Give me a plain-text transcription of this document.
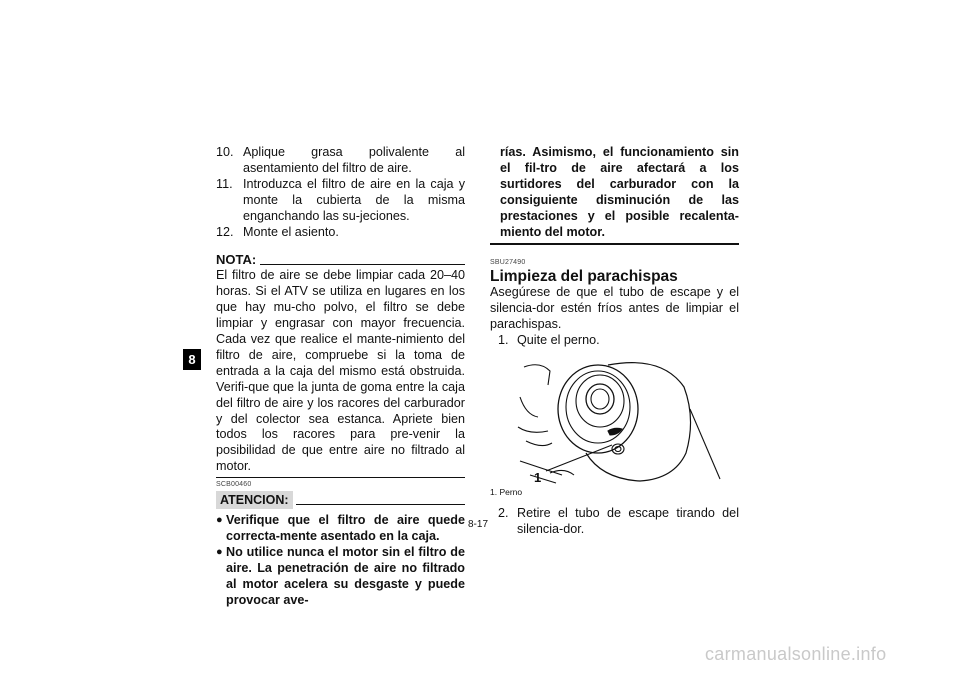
8
10. Aplique grasa polivalente al asentamiento del filtro de aire.
11. Introduzca el filtro de aire en la caja y monte la cubierta de la misma enganchando las su-jeciones.
12. Monte el asiento.
NOTA:
El filtro de aire se debe limpiar cada 20–40 horas. Si el ATV se utiliza en lugares en los que hay mu-cho polvo, el filtro se debe limpiar y engrasar con mayor frecuencia. Cada vez que realice el mante-nimiento del filtro de aire, compruebe si la toma de entrada a la caja del mismo está obstruida. Verifi-que que la junta de goma entre la caja del filtro de aire y los racores del carburador y del colector sea estanca. Apriete bien todos los racores para pre-venir la posibilidad de que entre aire no filtrado al motor.
SCB00460
ATENCION:
● Verifique que el filtro de aire quede correcta-mente asentado en la caja.
● No utilice nunca el motor sin el filtro de aire. La penetración de aire no filtrado al motor acelera su desgaste y puede provocar ave-
rías. Asimismo, el funcionamiento sin el fil-tro de aire afectará a los surtidores del carburador con la consiguiente disminución de las prestaciones y el posible recalenta-miento del motor.
SBU27490
Limpieza del parachispas
Asegúrese de que el tubo de escape y el silencia-dor estén fríos antes de limpiar el parachispas.
1. Quite el perno.
1
1. Perno
2. Retire el tubo de escape tirando del silencia-dor.
8-17
carmanualsonline.info
